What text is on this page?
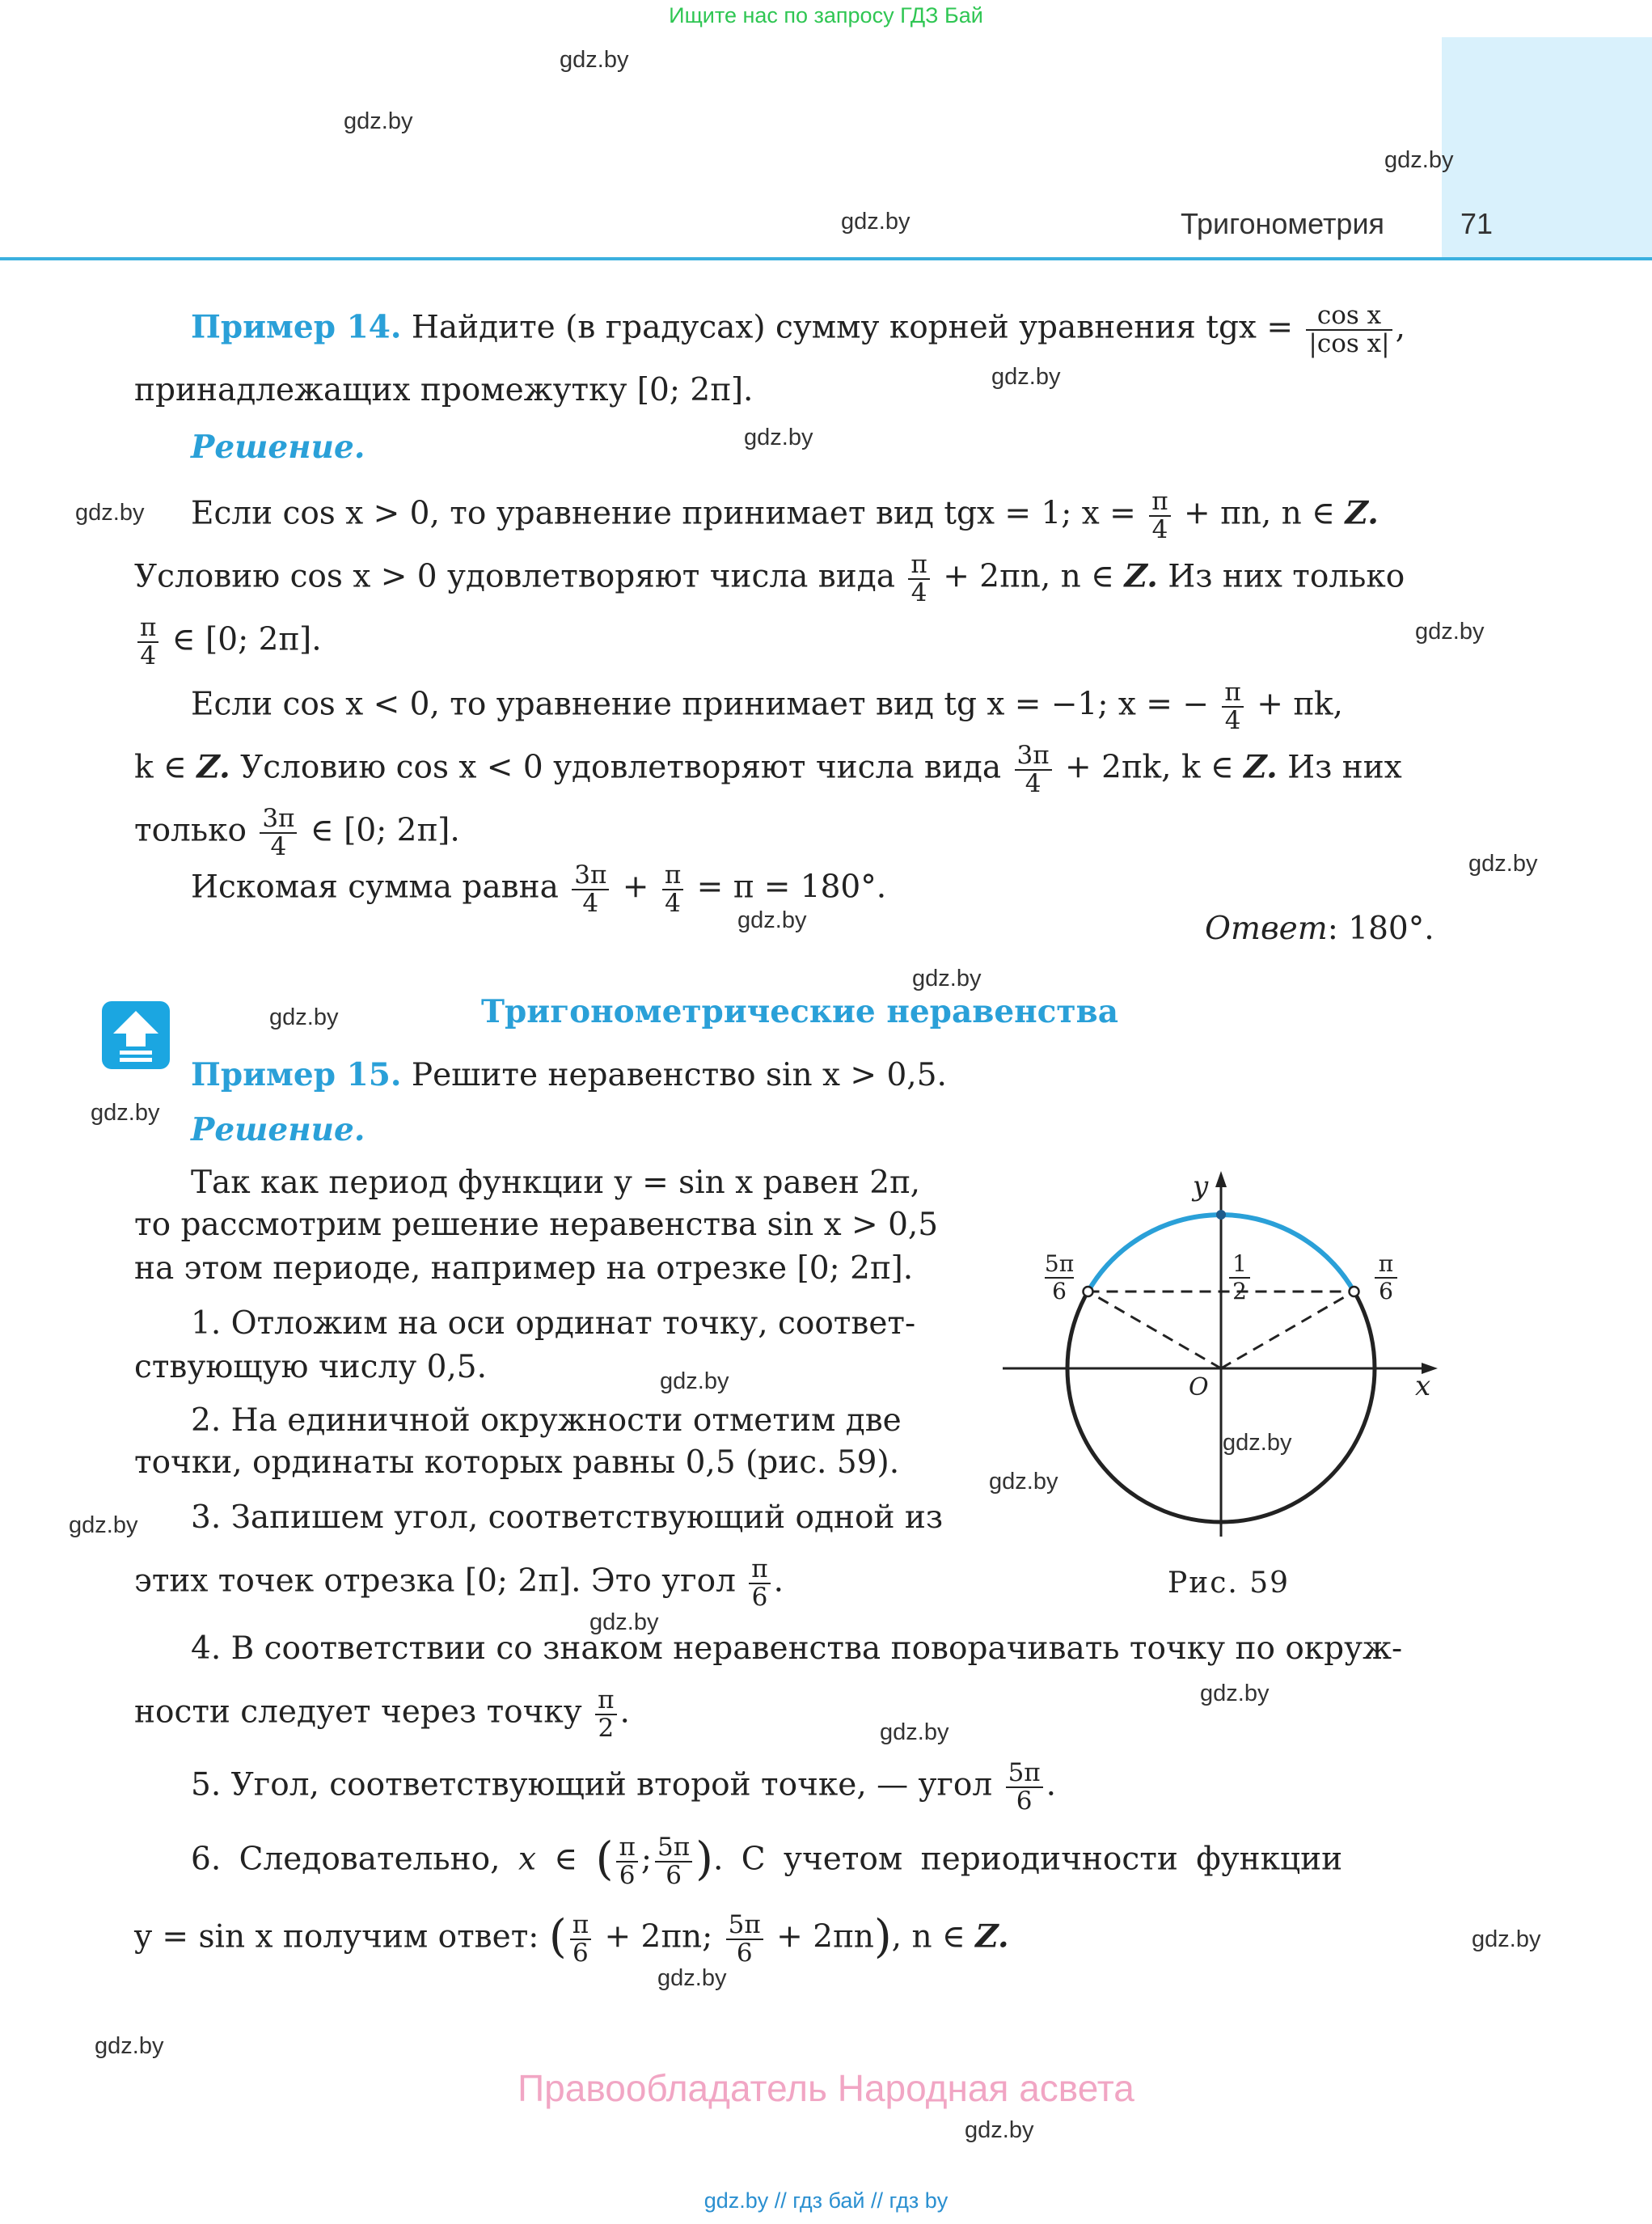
Ищите нас по запросу ГДЗ Бай
Тригонометрия	71
gdz.by
gdz.by
gdz.by
gdz.by
gdz.by
gdz.by
gdz.by
gdz.by
gdz.by
gdz.by
gdz.by
gdz.by
gdz.by
gdz.by
gdz.by
gdz.by
gdz.by
gdz.by
gdz.by
gdz.by
gdz.by
gdz.by
gdz.by
gdz.by
Пример 14. Найдите (в градусах) сумму корней уравнения tgx = $\frac{\text{cos x}}{\text{|cos x|}}$ ,
принадлежащих промежутку [0; 2π].
Решение.
Если cos x > 0, то уравнение принимает вид tgx = 1; $x = \frac{\pi}{4} + \pi n$, n ∈ Z.
Условию cos x > 0 удовлетворяют числа вида $\frac{\pi}{4} + 2\pi n$, n ∈ Z. Из них только
$\frac{\pi}{4}$ ∈ [0; 2π].
Если cos x < 0, то уравнение принимает вид tg x = −1; x = − $\frac{\pi}{4} + \pi k$,
k ∈ Z. Условию cos x < 0 удовлетворяют числа вида $\frac{3\pi}{4} + 2\pi k$, k ∈ Z. Из них
только $\frac{3\pi}{4}$ ∈ [0; 2π].
Искомая сумма равна $\frac{3\pi}{4} + \frac{\pi}{4} = \pi = 180^\circ$.
Ответ: 180°.
Тригонометрические неравенства
Пример 15. Решите неравенство sin x > 0,5.
Решение.
Так как период функции y = sin x равен 2π,
то рассмотрим решение неравенства sin x > 0,5
на этом периоде, например на отрезке [0; 2π].
1. Отложим на оси ординат точку, соответ-
ствующую числу 0,5.
2. На единичной окружности отметим две
точки, ординаты которых равны 0,5 (рис. 59).
3. Запишем угол, соответствующий одной из
этих точек отрезка [0; 2π]. Это угол $\frac{\pi}{6}$ .
4. В соответствии со знаком неравенства поворачивать точку по окруж-
ности следует через точку $\frac{\pi}{2}$ .
5. Угол, соответствующий второй точке, — угол $\frac{5\pi}{6}$ .
6. Следовательно, x ∈ ( $\frac{\pi}{6}$ ; $\frac{5\pi}{6}$ ). С учетом периодичности функции
y = sin x получим ответ: ( $\frac{\pi}{6} + 2\pi n$; $\frac{5\pi}{6} + 2\pi n$), n ∈ Z.
x
y
O
1
2
5π
6
π
6
Рис. 59
Правообладатель Народная асвета
gdz.by // гдз бай // гдз by
